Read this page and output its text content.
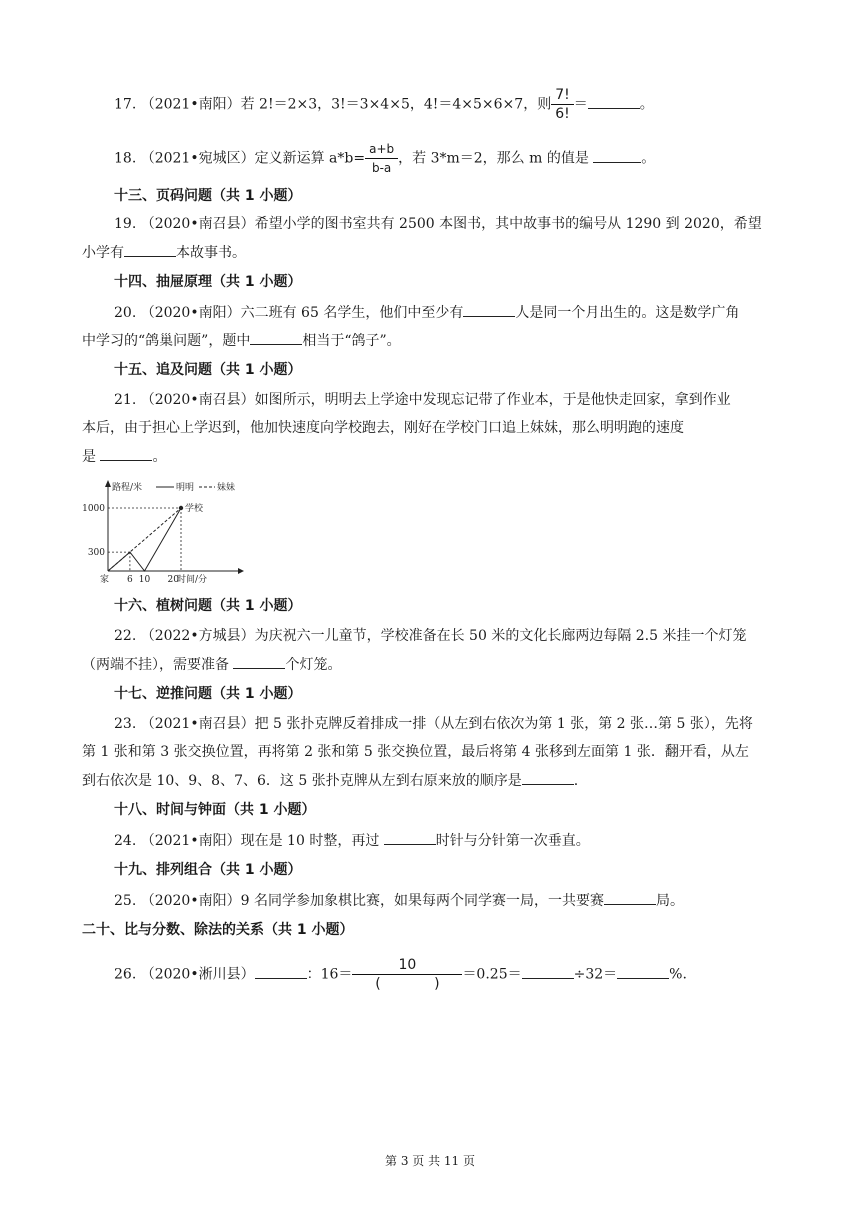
17. （2021•南阳）若 2!＝2×3，3!＝3×4×5，4!＝4×5×6×7，则 $\frac{7!}{6!}$ ＝	。
18. （2021•宛城区）定义新运算 $a*b= \frac{a+b}{b-a}$ ，若 3*m＝2，那么 m 的值是	。
十三、页码问题（共 1 小题）
19. （2020•南召县）希望小学的图书室共有 2500 本图书，其中故事书的编号从 1290 到 2020，希望
小学有	本故事书。
十四、抽屉原理（共 1 小题）
20. （2020•南阳）六二班有 65 名学生，他们中至少有	人是同一个月出生的。这是数学广角
中学习的“鸽巢问题”，题中	相当于“鸽子”。
十五、追及问题（共 1 小题）
21. （2020•南召县）如图所示，明明去上学途中发现忘记带了作业本，于是他快走回家，拿到作业
本后，由于担心上学迟到，他加快速度向学校跑去，刚好在学校门口追上妹妹，那么明明跑的速度
是	。
路程/米
时间/分
明明	妹妹
300
1000
6 10 20
家
学校
十六、植树问题（共 1 小题）
22. （2022•方城县）为庆祝六一儿童节，学校准备在长 50 米的文化长廊两边每隔 2.5 米挂一个灯笼
（两端不挂），需要准备	个灯笼。
十七、逆推问题（共 1 小题）
23. （2021•南召县）把 5 张扑克牌反着排成一排（从左到右依次为第 1 张，第 2 张…第 5 张），先将
第 1 张和第 3 张交换位置，再将第 2 张和第 5 张交换位置，最后将第 4 张移到左面第 1 张．翻开看，从左
到右依次是 10、9、8、7、6．这 5 张扑克牌从左到右原来放的顺序是	.
十八、时间与钟面（共 1 小题）
24. （2021•南阳）现在是 10 时整，再过	时针与分针第一次垂直。
十九、排列组合（共 1 小题）
25. （2020•南阳）9 名同学参加象棋比赛，如果每两个同学赛一局，一共要赛	局。
二十、比与分数、除法的关系（共 1 小题）
26. （2020•淅川县）	：$16= \frac{10}{( )} =0.25=$	÷32＝	%.
第 3 页 共 11 页
